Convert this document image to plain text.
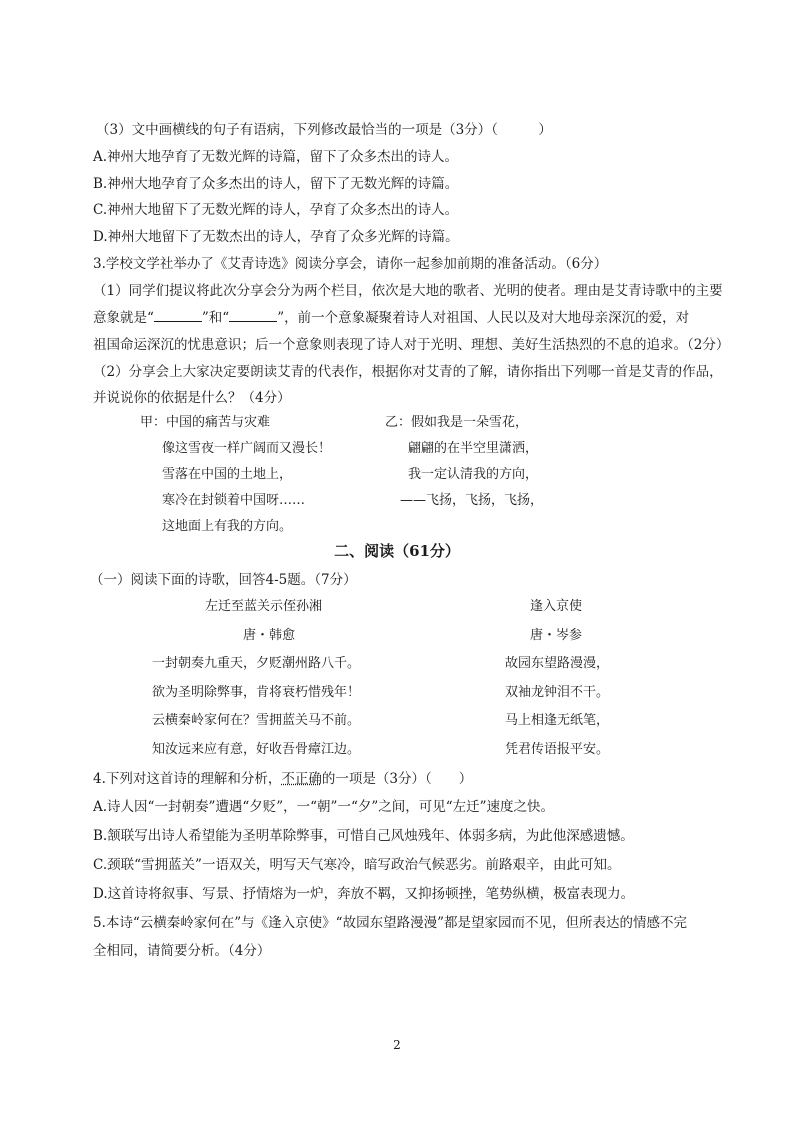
（3）文中画横线的句子有语病，下列修改最恰当的一项是（3分）（　　　）
A.神州大地孕育了无数光辉的诗篇，留下了众多杰出的诗人。
B.神州大地孕育了众多杰出的诗人，留下了无数光辉的诗篇。
C.神州大地留下了无数光辉的诗人，孕育了众多杰出的诗人。
D.神州大地留下了无数杰出的诗人，孕育了众多光辉的诗篇。
3.学校文学社举办了《艾青诗选》阅读分享会，请你一起参加前期的准备活动。（6分）
（1）同学们提议将此次分享会分为两个栏目，依次是大地的歌者、光明的使者。理由是艾青诗歌中的主要
意象就是“	”和“	”，前一个意象凝聚着诗人对祖国、人民以及对大地母亲深沉的爱，对
祖国命运深沉的忧患意识；后一个意象则表现了诗人对于光明、理想、美好生活热烈的不息的追求。（2分）
（2）分享会上大家决定要朗读艾青的代表作，根据你对艾青的了解，请你指出下列哪一首是艾青的作品，
并说说你的依据是什么？（4分）
甲：中国的痛苦与灾难
像这雪夜一样广阔而又漫长！
雪落在中国的土地上，
寒冷在封锁着中国呀……
这地面上有我的方向。
乙：假如我是一朵雪花，
翩翩的在半空里潇洒，
我一定认清我的方向，
——飞扬，飞扬，飞扬，
二、阅读（61分）
（一）阅读下面的诗歌，回答4-5题。（7分）
左迁至蓝关示侄孙湘
唐・韩愈
一封朝奏九重天，夕贬潮州路八千。
欲为圣明除弊事，肯将衰朽惜残年！
云横秦岭家何在？雪拥蓝关马不前。
知汝远来应有意，好收吾骨瘴江边。
逢入京使
唐・岑参
故园东望路漫漫，
双袖龙钟泪不干。
马上相逢无纸笔，
凭君传语报平安。
4.下列对这首诗的理解和分析，不正确的一项是（3分）（　　）
A.诗人因“一封朝奏”遭遇“夕贬”，一“朝”一“夕”之间，可见“左迁”速度之快。
B.颔联写出诗人希望能为圣明革除弊事，可惜自己风烛残年、体弱多病，为此他深感遗憾。
C.颈联“雪拥蓝关”一语双关，明写天气寒冷，暗写政治气候恶劣。前路艰辛，由此可知。
D.这首诗将叙事、写景、抒情熔为一炉，奔放不羁，又抑扬顿挫，笔势纵横，极富表现力。
5.本诗“云横秦岭家何在”与《逢入京使》“故园东望路漫漫”都是望家园而不见，但所表达的情感不完
全相同，请简要分析。（4分）
2
